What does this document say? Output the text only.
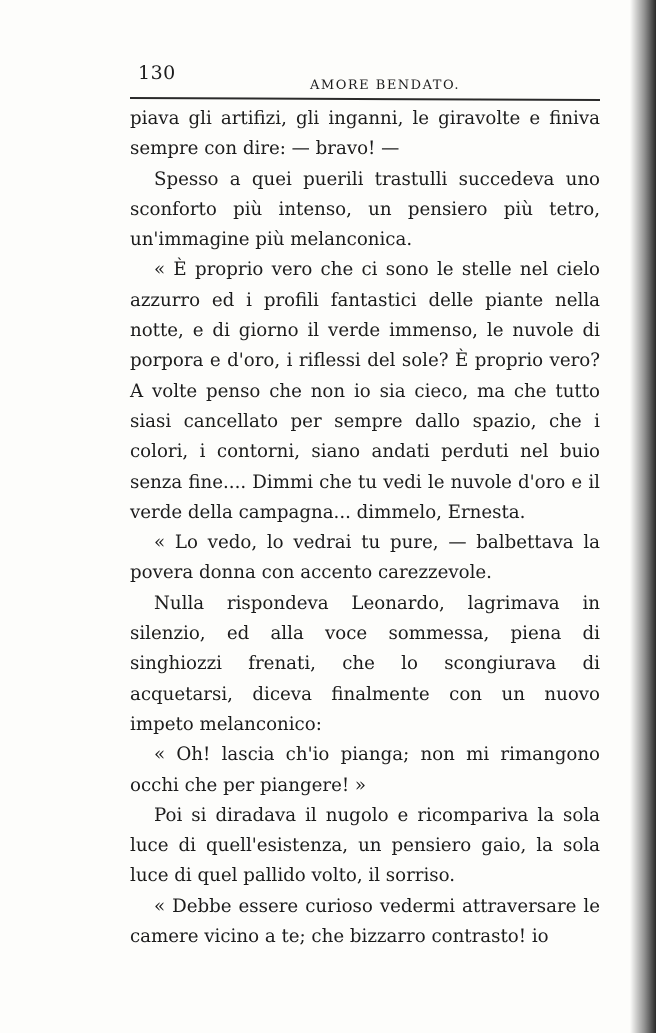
130
AMORE BENDATO.

piava gli artifizi, gli inganni, le giravolte e finiva sempre con dire: — bravo! —

Spesso a quei puerili trastulli succedeva uno sconforto più intenso, un pensiero più tetro, un'immagine più melanconica.

« È proprio vero che ci sono le stelle nel cielo azzurro ed i profili fantastici delle piante nella notte, e di giorno il verde immenso, le nuvole di porpora e d'oro, i riflessi del sole? È proprio vero? A volte penso che non io sia cieco, ma che tutto siasi cancellato per sempre dallo spazio, che i colori, i contorni, siano andati perduti nel buio senza fine.... Dimmi che tu vedi le nuvole d'oro e il verde della campagna... dimmelo, Ernesta.

« Lo vedo, lo vedrai tu pure, — balbettava la povera donna con accento carezzevole.

Nulla rispondeva Leonardo, lagrimava in silenzio, ed alla voce sommessa, piena di singhiozzi frenati, che lo scongiurava di acquetarsi, diceva finalmente con un nuovo impeto melanconico:

« Oh! lascia ch'io pianga; non mi rimangono occhi che per piangere! »

Poi si diradava il nugolo e ricompariva la sola luce di quell'esistenza, un pensiero gaio, la sola luce di quel pallido volto, il sorriso.

« Debbe essere curioso vedermi attraversare le camere vicino a te; che bizzarro contrasto! io
